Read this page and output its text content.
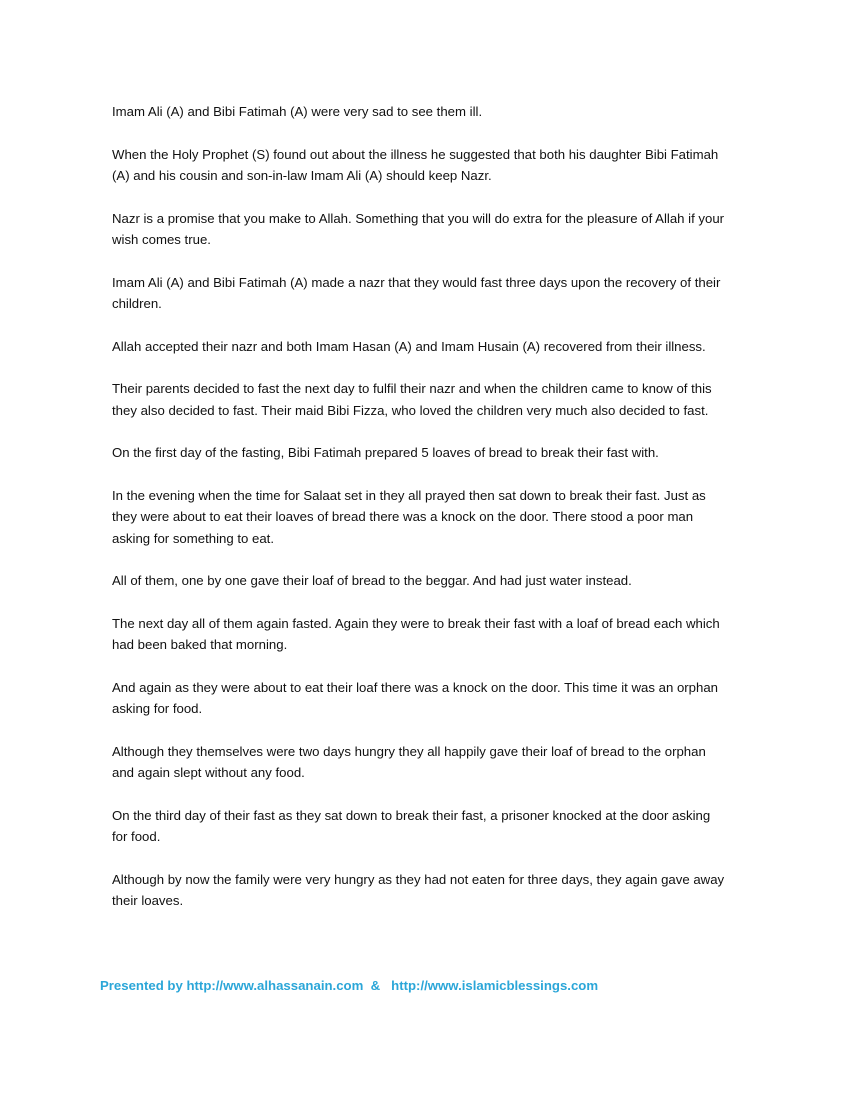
Imam Ali (A) and Bibi Fatimah (A) were very sad to see them ill.

When the Holy Prophet (S) found out about the illness he suggested that both his daughter Bibi Fatimah (A) and his cousin and son-in-law Imam Ali (A) should keep Nazr.

Nazr is a promise that you make to Allah. Something that you will do extra for the pleasure of Allah if your wish comes true.

Imam Ali (A) and Bibi Fatimah (A) made a nazr that they would fast three days upon the recovery of their children.

Allah accepted their nazr and both Imam Hasan (A) and Imam Husain (A) recovered from their illness.

Their parents decided to fast the next day to fulfil their nazr and when the children came to know of this they also decided to fast. Their maid Bibi Fizza, who loved the children very much also decided to fast.

On the first day of the fasting, Bibi Fatimah prepared 5 loaves of bread to break their fast with.

In the evening when the time for Salaat set in they all prayed then sat down to break their fast. Just as they were about to eat their loaves of bread there was a knock on the door. There stood a poor man asking for something to eat.

All of them, one by one gave their loaf of bread to the beggar. And had just water instead.

The next day all of them again fasted. Again they were to break their fast with a loaf of bread each which had been baked that morning.

And again as they were about to eat their loaf there was a knock on the door. This time it was an orphan asking for food.

Although they themselves were two days hungry they all happily gave their loaf of bread to the orphan and again slept without any food.

On the third day of their fast as they sat down to break their fast, a prisoner knocked at the door asking for food.

Although by now the family were very hungry as they had not eaten for three days, they again gave away their loaves.

Presented by http://www.alhassanain.com  &   http://www.islamicblessings.com
